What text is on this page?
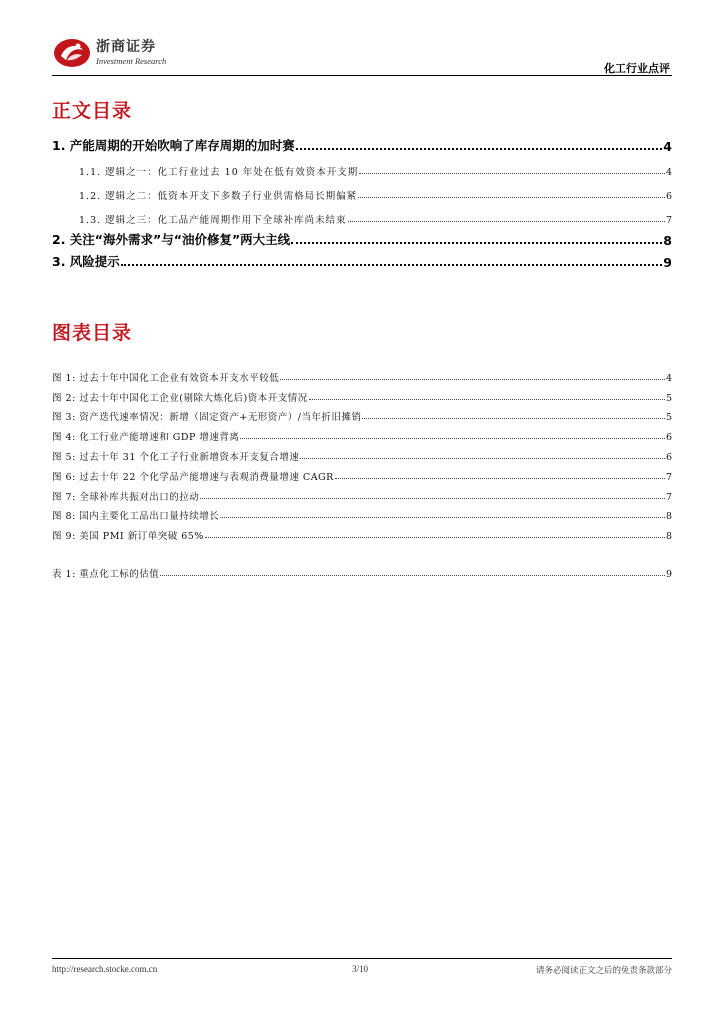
浙商证券
Investment Research
化工行业点评
正文目录
1. 产能周期的开始吹响了库存周期的加时赛	4
1.1. 逻辑之一：化工行业过去 10 年处在低有效资本开支期	4
1.2. 逻辑之二：低资本开支下多数子行业供需格局长期偏紧	6
1.3. 逻辑之三：化工品产能周期作用下全球补库尚未结束	7
2. 关注“海外需求”与“油价修复”两大主线	8
3. 风险提示	9
图表目录
图 1: 过去十年中国化工企业有效资本开支水平较低	4
图 2: 过去十年中国化工企业(剔除大炼化后)资本开支情况	5
图 3: 资产迭代速率情况：新增（固定资产+无形资产）/当年折旧摊销	5
图 4: 化工行业产能增速和 GDP 增速背离	6
图 5: 过去十年 31 个化工子行业新增资本开支复合增速	6
图 6: 过去十年 22 个化学品产能增速与表观消费量增速 CAGR	7
图 7: 全球补库共振对出口的拉动	7
图 8: 国内主要化工品出口量持续增长	8
图 9: 美国 PMI 新订单突破 65%	8
表 1: 重点化工标的估值	9
http://research.stocke.com.cn	3/10	请务必阅读正文之后的免责条款部分
